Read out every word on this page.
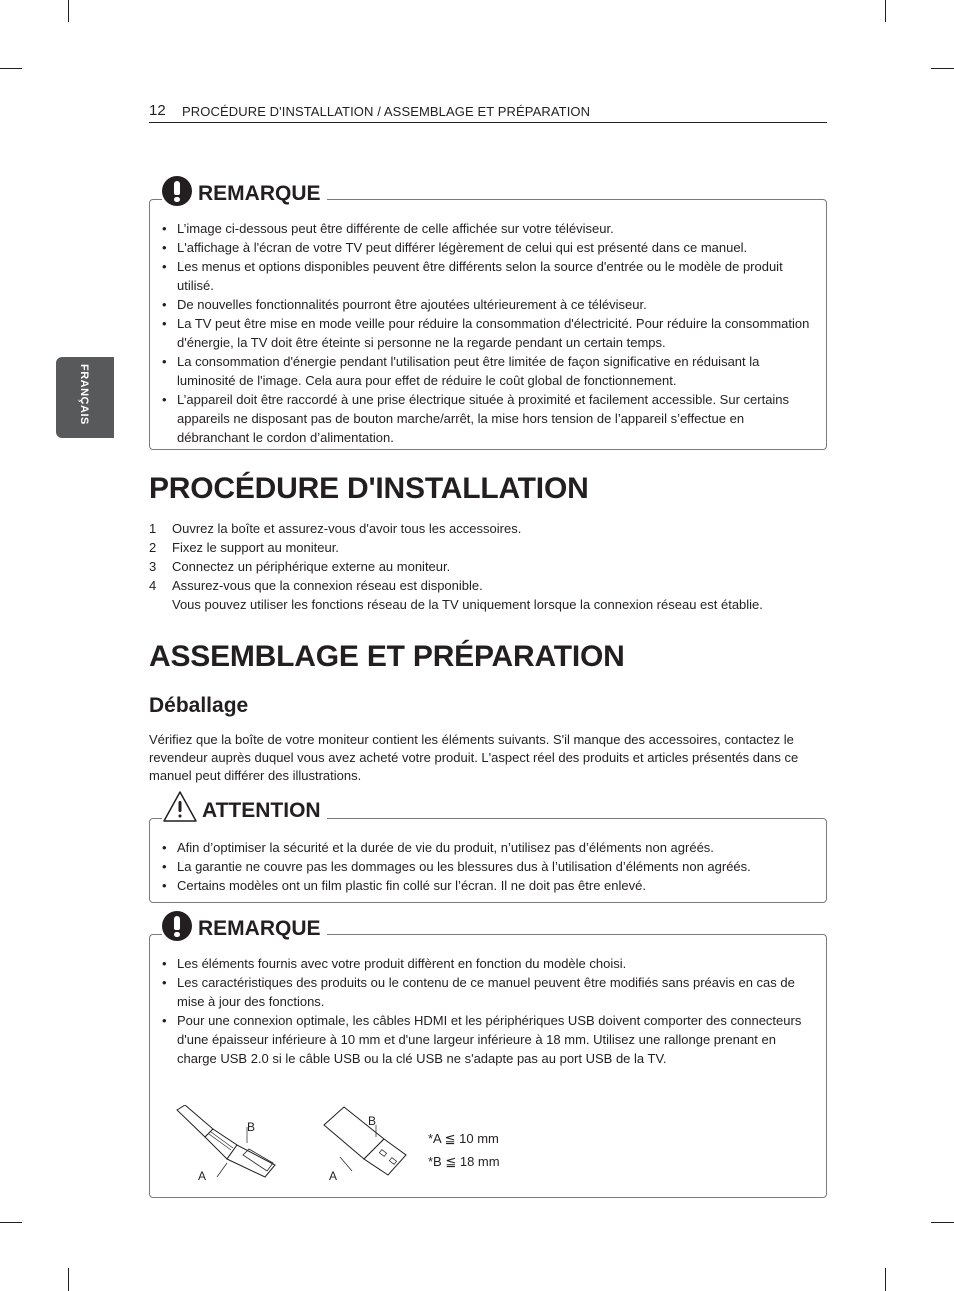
12 PROCÉDURE D'INSTALLATION / ASSEMBLAGE ET PRÉPARATION
FRANÇAIS
REMARQUE
• L’image ci-dessous peut être différente de celle affichée sur votre téléviseur.
• L'affichage à l'écran de votre TV peut différer légèrement de celui qui est présenté dans ce manuel.
• Les menus et options disponibles peuvent être différents selon la source d'entrée ou le modèle de produit utilisé.
• De nouvelles fonctionnalités pourront être ajoutées ultérieurement à ce téléviseur.
• La TV peut être mise en mode veille pour réduire la consommation d'électricité. Pour réduire la consommation d'énergie, la TV doit être éteinte si personne ne la regarde pendant un certain temps.
• La consommation d'énergie pendant l'utilisation peut être limitée de façon significative en réduisant la luminosité de l'image. Cela aura pour effet de réduire le coût global de fonctionnement.
• L’appareil doit être raccordé à une prise électrique située à proximité et facilement accessible. Sur certains appareils ne disposant pas de bouton marche/arrêt, la mise hors tension de l’appareil s’effectue en débranchant le cordon d’alimentation.
PROCÉDURE D'INSTALLATION
1 Ouvrez la boîte et assurez-vous d'avoir tous les accessoires.
2 Fixez le support au moniteur.
3 Connectez un périphérique externe au moniteur.
4 Assurez-vous que la connexion réseau est disponible.
Vous pouvez utiliser les fonctions réseau de la TV uniquement lorsque la connexion réseau est établie.
ASSEMBLAGE ET PRÉPARATION
Déballage

Vérifiez que la boîte de votre moniteur contient les éléments suivants. S'il manque des accessoires, contactez le revendeur auprès duquel vous avez acheté votre produit. L'aspect réel des produits et articles présentés dans ce manuel peut différer des illustrations.

ATTENTION
• Afin d’optimiser la sécurité et la durée de vie du produit, n’utilisez pas d’éléments non agréés.
• La garantie ne couvre pas les dommages ou les blessures dus à l’utilisation d’éléments non agréés.
• Certains modèles ont un film plastic fin collé sur l’écran. Il ne doit pas être enlevé.
REMARQUE
• Les éléments fournis avec votre produit diffèrent en fonction du modèle choisi.
• Les caractéristiques des produits ou le contenu de ce manuel peuvent être modifiés sans préavis en cas de mise à jour des fonctions.
• Pour une connexion optimale, les câbles HDMI et les périphériques USB doivent comporter des connecteurs d'une épaisseur inférieure à 10 mm et d'une largeur inférieure à 18 mm. Utilisez une rallonge prenant en charge USB 2.0 si le câble USB ou la clé USB ne s'adapte pas au port USB de la TV.
B
A
B
A
*A ≦ 10 mm
*B ≦ 18 mm
